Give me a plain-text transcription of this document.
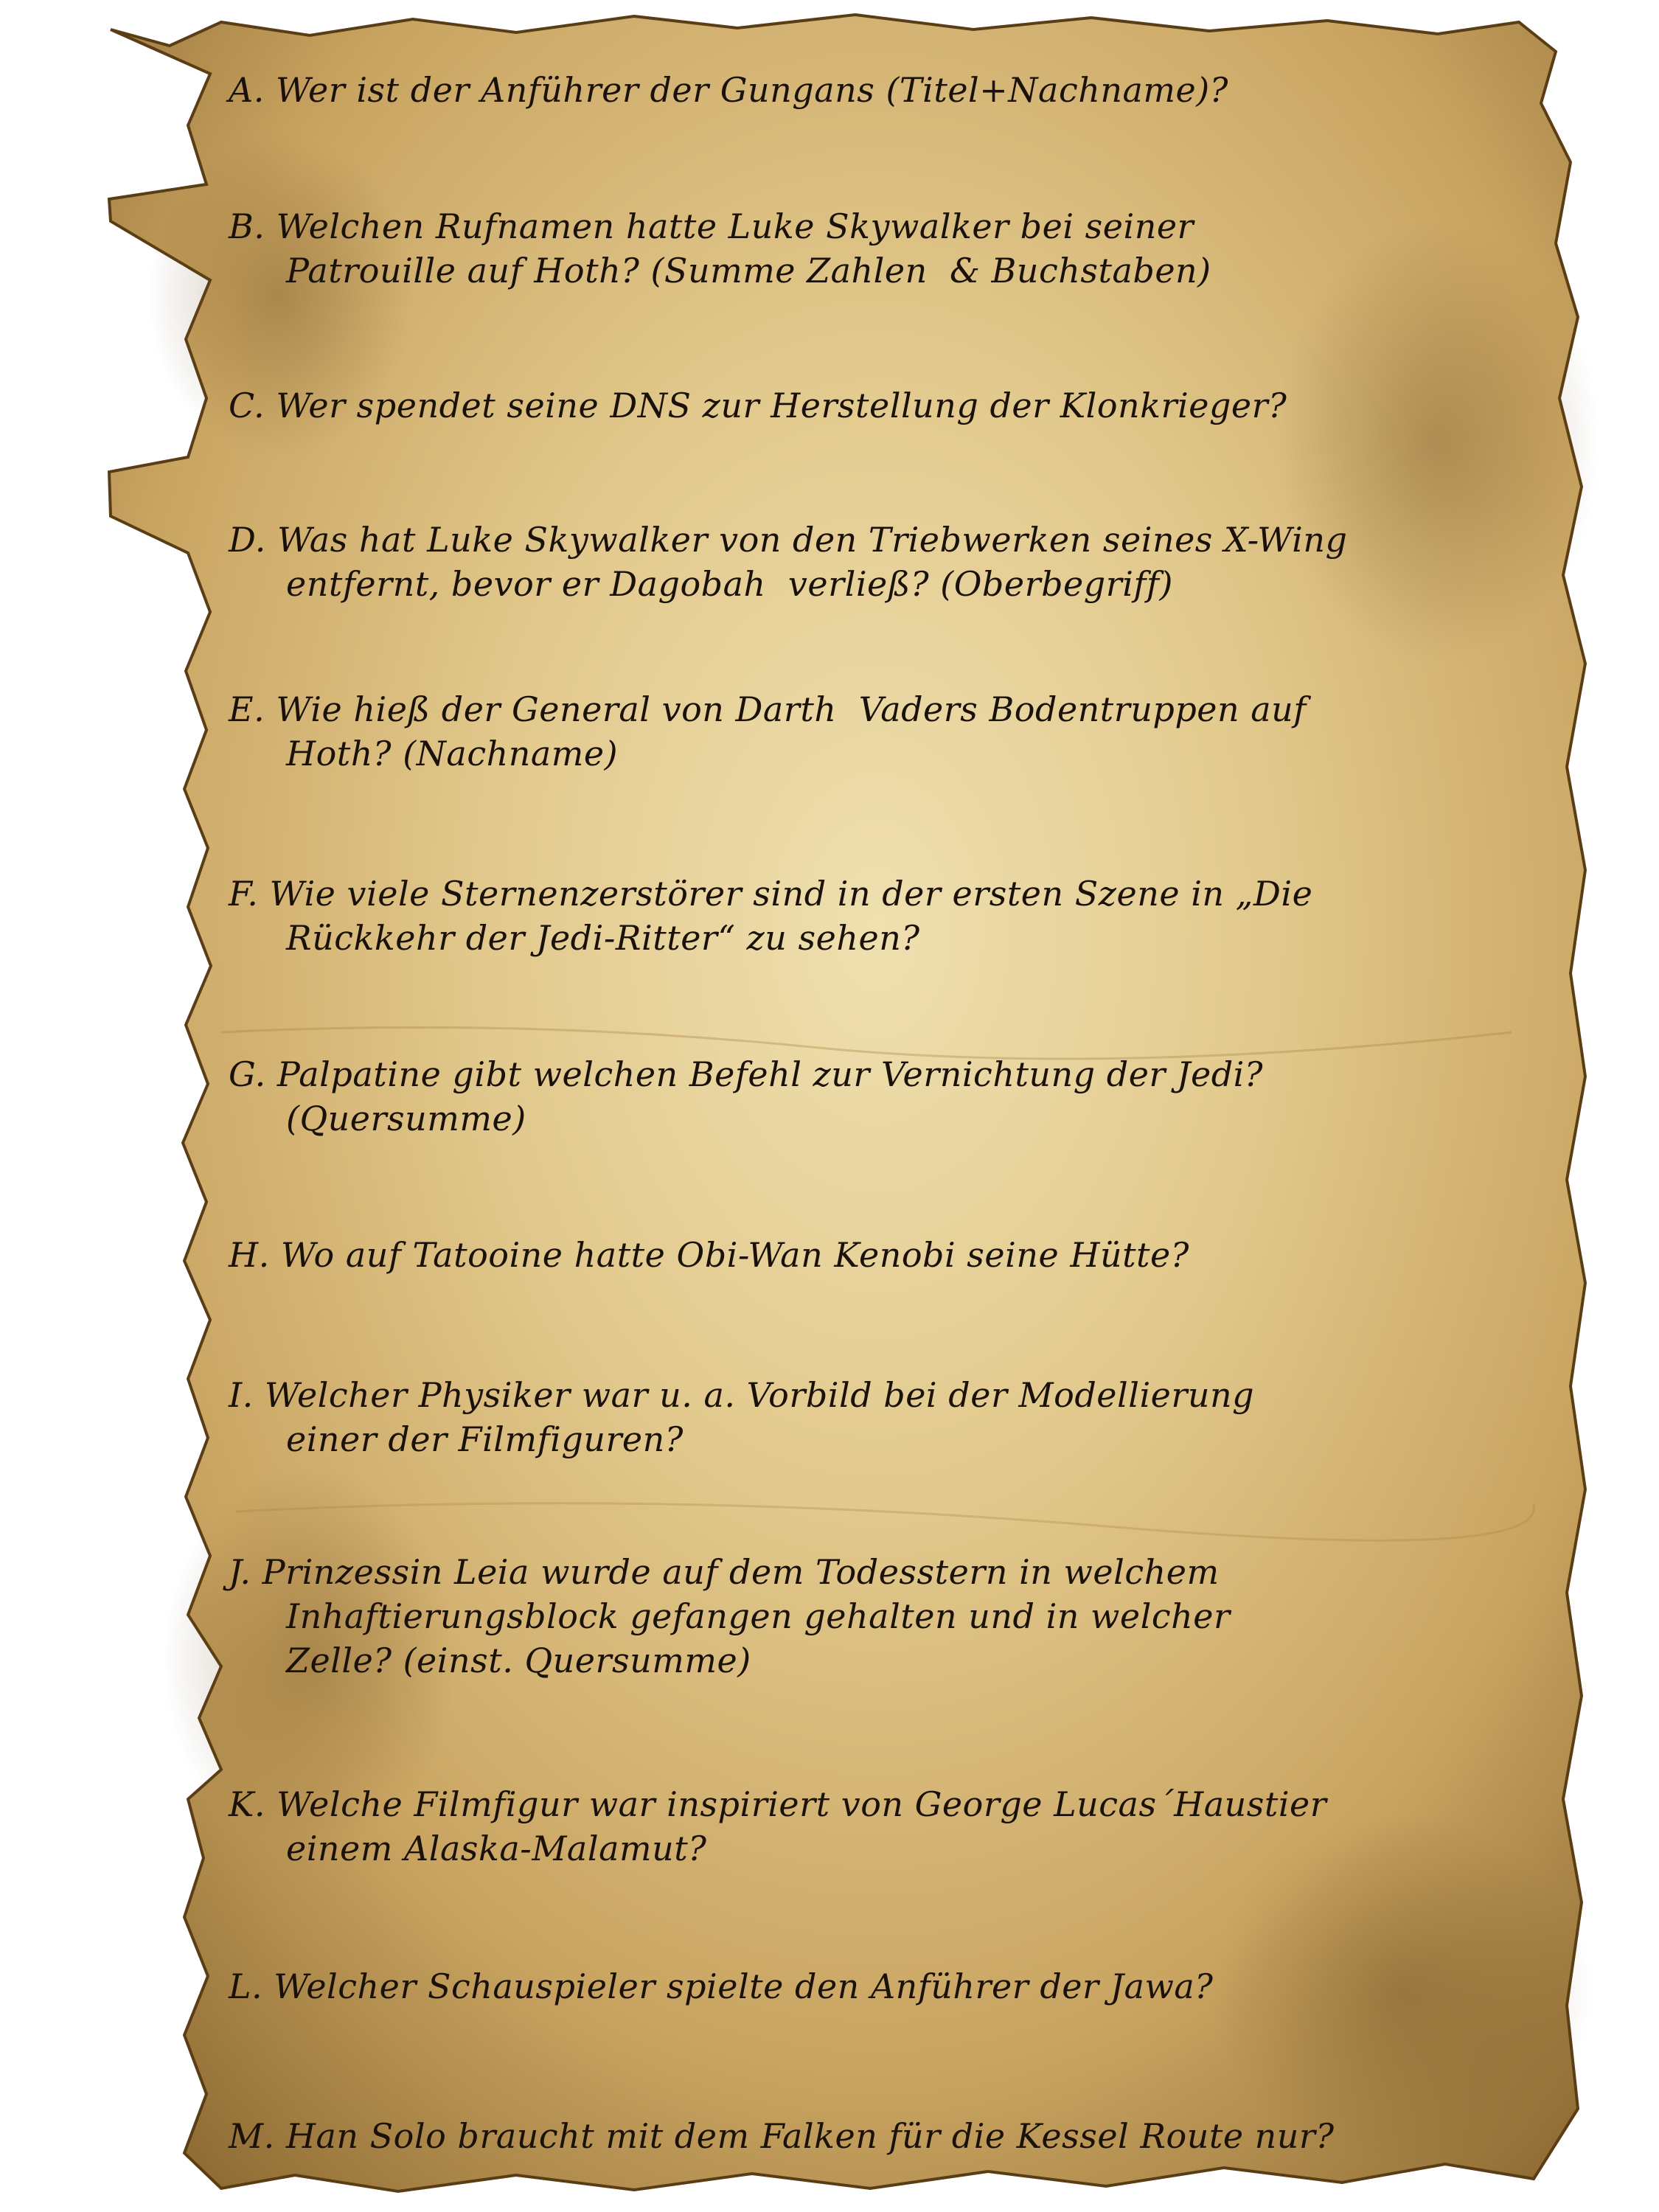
A. Wer ist der Anführer der Gungans (Titel+Nachname)?
B. Welchen Rufnamen hatte Luke Skywalker bei seiner
Patrouille auf Hoth? (Summe Zahlen  & Buchstaben)
C. Wer spendet seine DNS zur Herstellung der Klonkrieger?
D. Was hat Luke Skywalker von den Triebwerken seines X-Wing
entfernt, bevor er Dagobah  verließ? (Oberbegriff)
E. Wie hieß der General von Darth  Vaders Bodentruppen auf
Hoth? (Nachname)
F. Wie viele Sternenzerstörer sind in der ersten Szene in „Die
Rückkehr der Jedi-Ritter“ zu sehen?
G. Palpatine gibt welchen Befehl zur Vernichtung der Jedi?
(Quersumme)
H. Wo auf Tatooine hatte Obi-Wan Kenobi seine Hütte?
I. Welcher Physiker war u. a. Vorbild bei der Modellierung
einer der Filmfiguren?
J. Prinzessin Leia wurde auf dem Todesstern in welchem
Inhaftierungsblock gefangen gehalten und in welcher
Zelle? (einst. Quersumme)
K. Welche Filmfigur war inspiriert von George Lucas´Haustier
einem Alaska-Malamut?
L. Welcher Schauspieler spielte den Anführer der Jawa?
M. Han Solo braucht mit dem Falken für die Kessel Route nur?
